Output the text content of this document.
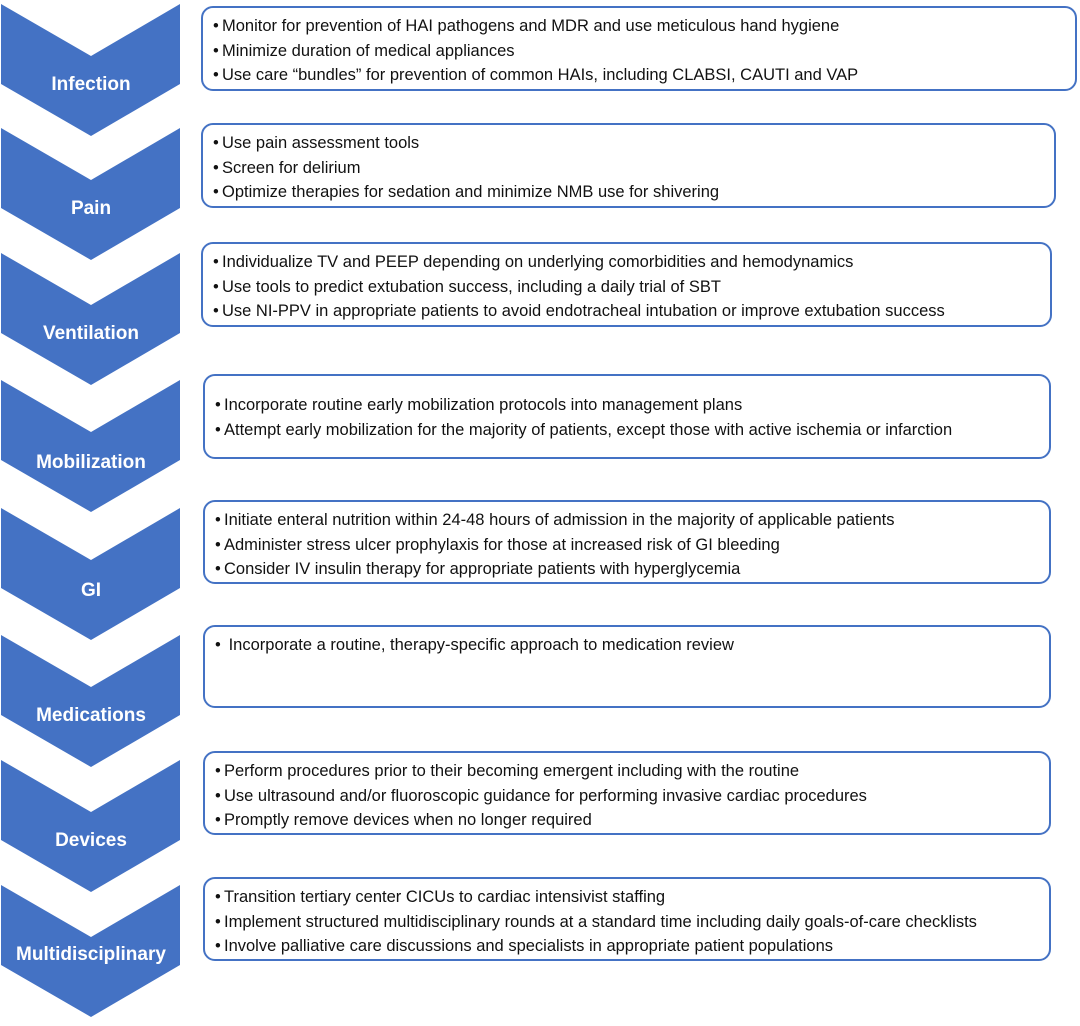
Infection
Pain
Ventilation
Mobilization
GI
Medications
Devices
Multidisciplinary
• Monitor for prevention of HAI pathogens and MDR and use meticulous hand hygiene
• Minimize duration of medical appliances
• Use care “bundles” for prevention of common HAIs, including CLABSI, CAUTI and VAP
• Use pain assessment tools
• Screen for delirium
• Optimize therapies for sedation and minimize NMB use for shivering
• Individualize TV and PEEP depending on underlying comorbidities and hemodynamics
• Use tools to predict extubation success, including a daily trial of SBT
• Use NI-PPV in appropriate patients to avoid endotracheal intubation or improve extubation success
• Incorporate routine early mobilization protocols into management plans
• Attempt early mobilization for the majority of patients, except those with active ischemia or infarction
• Initiate enteral nutrition within 24-48 hours of admission in the majority of applicable patients
• Administer stress ulcer prophylaxis for those at increased risk of GI bleeding
• Consider IV insulin therapy for appropriate patients with hyperglycemia
• Incorporate a routine, therapy-specific approach to medication review
• Perform procedures prior to their becoming emergent including with the routine
• Use ultrasound and/or fluoroscopic guidance for performing invasive cardiac procedures
• Promptly remove devices when no longer required
• Transition tertiary center CICUs to cardiac intensivist staffing
• Implement structured multidisciplinary rounds at a standard time including daily goals-of-care checklists
• Involve palliative care discussions and specialists in appropriate patient populations
